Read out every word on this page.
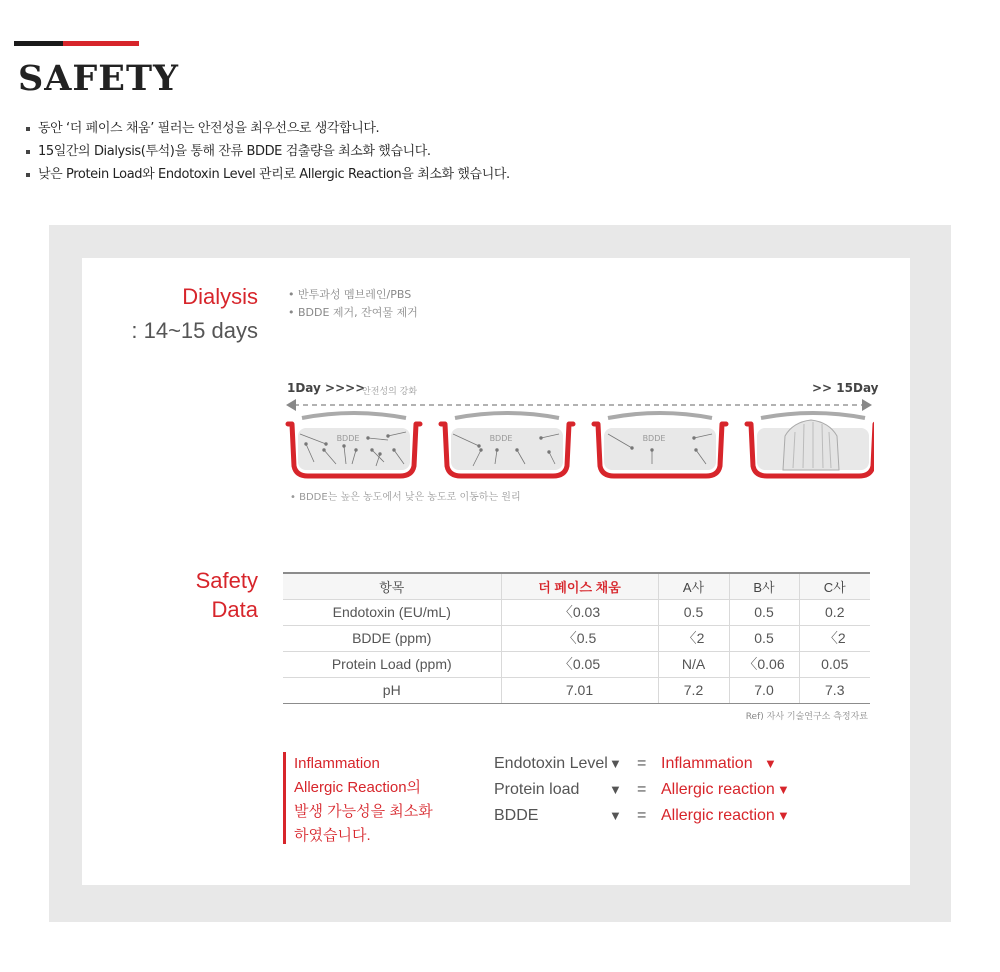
SAFETY
동안 ‘더 페이스 채움’ 필러는 안전성을 최우선으로 생각합니다.
15일간의 Dialysis(투석)을 통해 잔류 BDDE 검출량을 최소화 했습니다.
낮은 Protein Load와 Endotoxin Level 관리로 Allergic Reaction을 최소화 했습니다.
Dialysis
: 14~15 days
• 반투과성 멤브레인/PBS
• BDDE 제거, 잔여물 제거
1Day >>>>
안전성의 강화	>> 15Day
BDDE	BDDE	BDDE
• BDDE는 높은 농도에서 낮은 농도로 이동하는 원리
Safety
Data
항목	더 페이스 채움	A사	B사	C사
Endotoxin (EU/mL)	〈0.03	0.5	0.5	0.2
BDDE (ppm)	〈0.5	〈2	0.5	〈2
Protein Load (ppm)	〈0.05	N/A	〈0.06	0.05
pH	7.01	7.2	7.0	7.3
Ref) 자사 기술연구소 측정자료
Inflammation
Allergic Reaction의
발생 가능성을 최소화
하였습니다.
Endotoxin Level ▼ = Inflammation ▼
Protein load ▼ = Allergic reaction ▼
BDDE	▼ = Allergic reaction ▼
